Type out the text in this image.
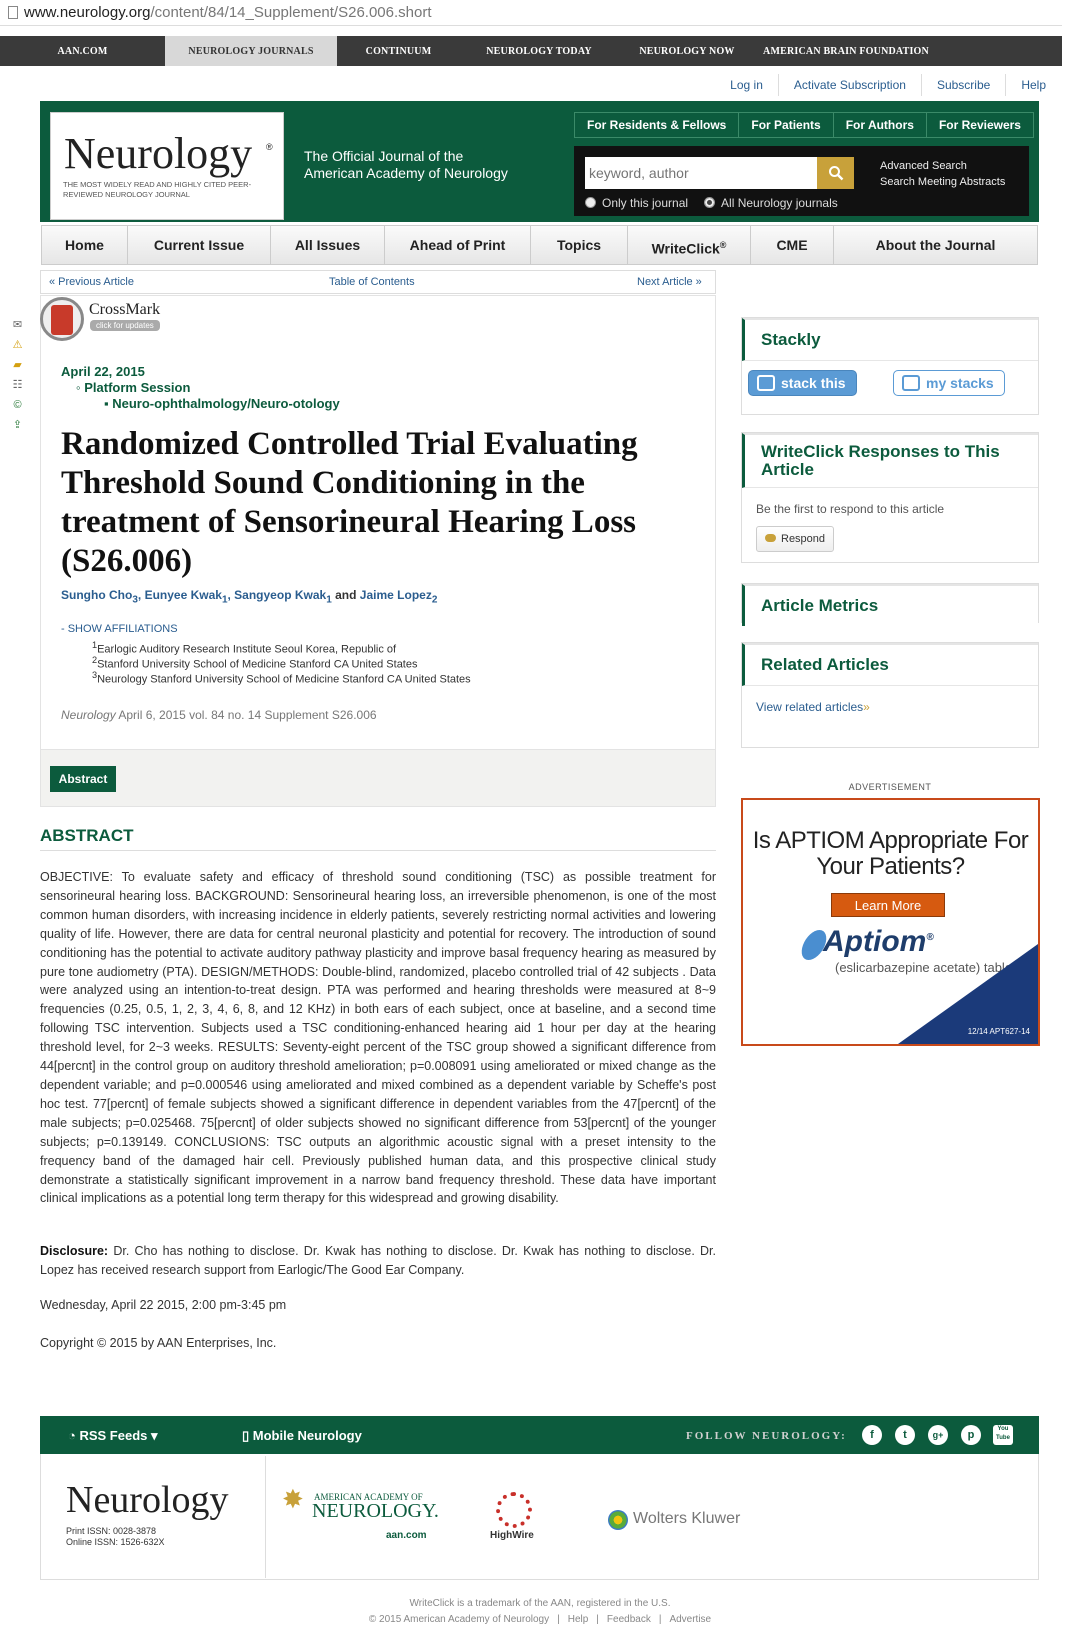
www.neurology.org/content/84/14_Supplement/S26.006.short
AAN.COM	NEUROLOGY JOURNALS	CONTINUUM	NEUROLOGY TODAY	NEUROLOGY NOW	AMERICAN BRAIN FOUNDATION
Log in	Activate Subscription	Subscribe	Help
Neurology ®
THE MOST WIDELY READ AND HIGHLY CITED PEER-REVIEWED NEUROLOGY JOURNAL
The Official Journal of the
American Academy of Neurology
For Residents & Fellows	For Patients	For Authors	For Reviewers
keyword, author
Only this journal	All Neurology journals
Advanced Search
Search Meeting Abstracts
Home	Current Issue	All Issues	Ahead of Print	Topics	WriteClick®	CME	About the Journal
« Previous Article	Table of Contents	Next Article »
CrossMark
click for updates
✉
⚠
▰
☷
©
⇪
April 22, 2015
◦ Platform Session
▪ Neuro-ophthalmology/Neuro-otology
Randomized Controlled Trial Evaluating Threshold Sound Conditioning in the treatment of Sensorineural Hearing Loss (S26.006)
Sungho Cho$_3$, Eunyee Kwak$_1$, Sangyeop Kwak$_1$ and Jaime Lopez$_2$
- SHOW AFFILIATIONS
$^1$Earlogic Auditory Research Institute Seoul Korea, Republic of
$^2$Stanford University School of Medicine Stanford CA United States
$^3$Neurology Stanford University School of Medicine Stanford CA United States
Neurology April 6, 2015 vol. 84 no. 14 Supplement S26.006
Abstract
ABSTRACT

OBJECTIVE: To evaluate safety and efficacy of threshold sound conditioning (TSC) as possible treatment for sensorineural hearing loss. BACKGROUND: Sensorineural hearing loss, an irreversible phenomenon, is one of the most common human disorders, with increasing incidence in elderly patients, severely restricting normal activities and lowering quality of life. However, there are data for central neuronal plasticity and potential for recovery. The introduction of sound conditioning has the potential to activate auditory pathway plasticity and improve basal frequency hearing as measured by pure tone audiometry (PTA). DESIGN/METHODS: Double-blind, randomized, placebo controlled trial of 42 subjects . Data were analyzed using an intention-to-treat design. PTA was performed and hearing thresholds were measured at 8~9 frequencies (0.25, 0.5, 1, 2, 3, 4, 6, 8, and 12 KHz) in both ears of each subject, once at baseline, and a second time following TSC intervention. Subjects used a TSC conditioning-enhanced hearing aid 1 hour per day at the hearing threshold level, for 2~3 weeks. RESULTS: Seventy-eight percent of the TSC group showed a significant difference from 44[percnt] in the control group on auditory threshold amelioration; p=0.008091 using ameliorated or mixed change as the dependent variable; and p=0.000546 using ameliorated and mixed combined as a dependent variable by Scheffe's post hoc test. 77[percnt] of female subjects showed a significant difference in dependent variables from the 47[percnt] of the male subjects; p=0.025468. 75[percnt] of older subjects showed no significant difference from 53[percnt] of the younger subjects; p=0.139149. CONCLUSIONS: TSC outputs an algorithmic acoustic signal with a preset intensity to the frequency band of the damaged hair cell. Previously published human data, and this prospective clinical study demonstrate a statistically significant improvement in a narrow band frequency threshold. These data have important clinical implications as a potential long term therapy for this widespread and growing disability.

Disclosure: Dr. Cho has nothing to disclose. Dr. Kwak has nothing to disclose. Dr. Kwak has nothing to disclose. Dr. Lopez has received research support from Earlogic/The Good Ear Company.

Wednesday, April 22 2015, 2:00 pm-3:45 pm
Copyright © 2015 by AAN Enterprises, Inc.
Stackly
stack this	my stacks
WriteClick Responses to This Article
Be the first to respond to this article
Respond
Article Metrics
Related Articles
View related articles»
ADVERTISEMENT
Is APTIOM Appropriate For Your Patients?
Learn More
Aptiom®
(eslicarbazepine acetate) tablets
12/14 APT627-14
◔ RSS Feeds ▾	▯ Mobile Neurology	FOLLOW NEUROLOGY:	f	t	g+	p	You Tube
Neurology
Print ISSN: 0028-3878
Online ISSN: 1526-632X
✸ AMERICAN ACADEMY OF
NEUROLOGY.
aan.com	HighWire
Wolters Kluwer
WriteClick is a trademark of the AAN, registered in the U.S.
© 2015 American Academy of Neurology | Help | Feedback | Advertise
